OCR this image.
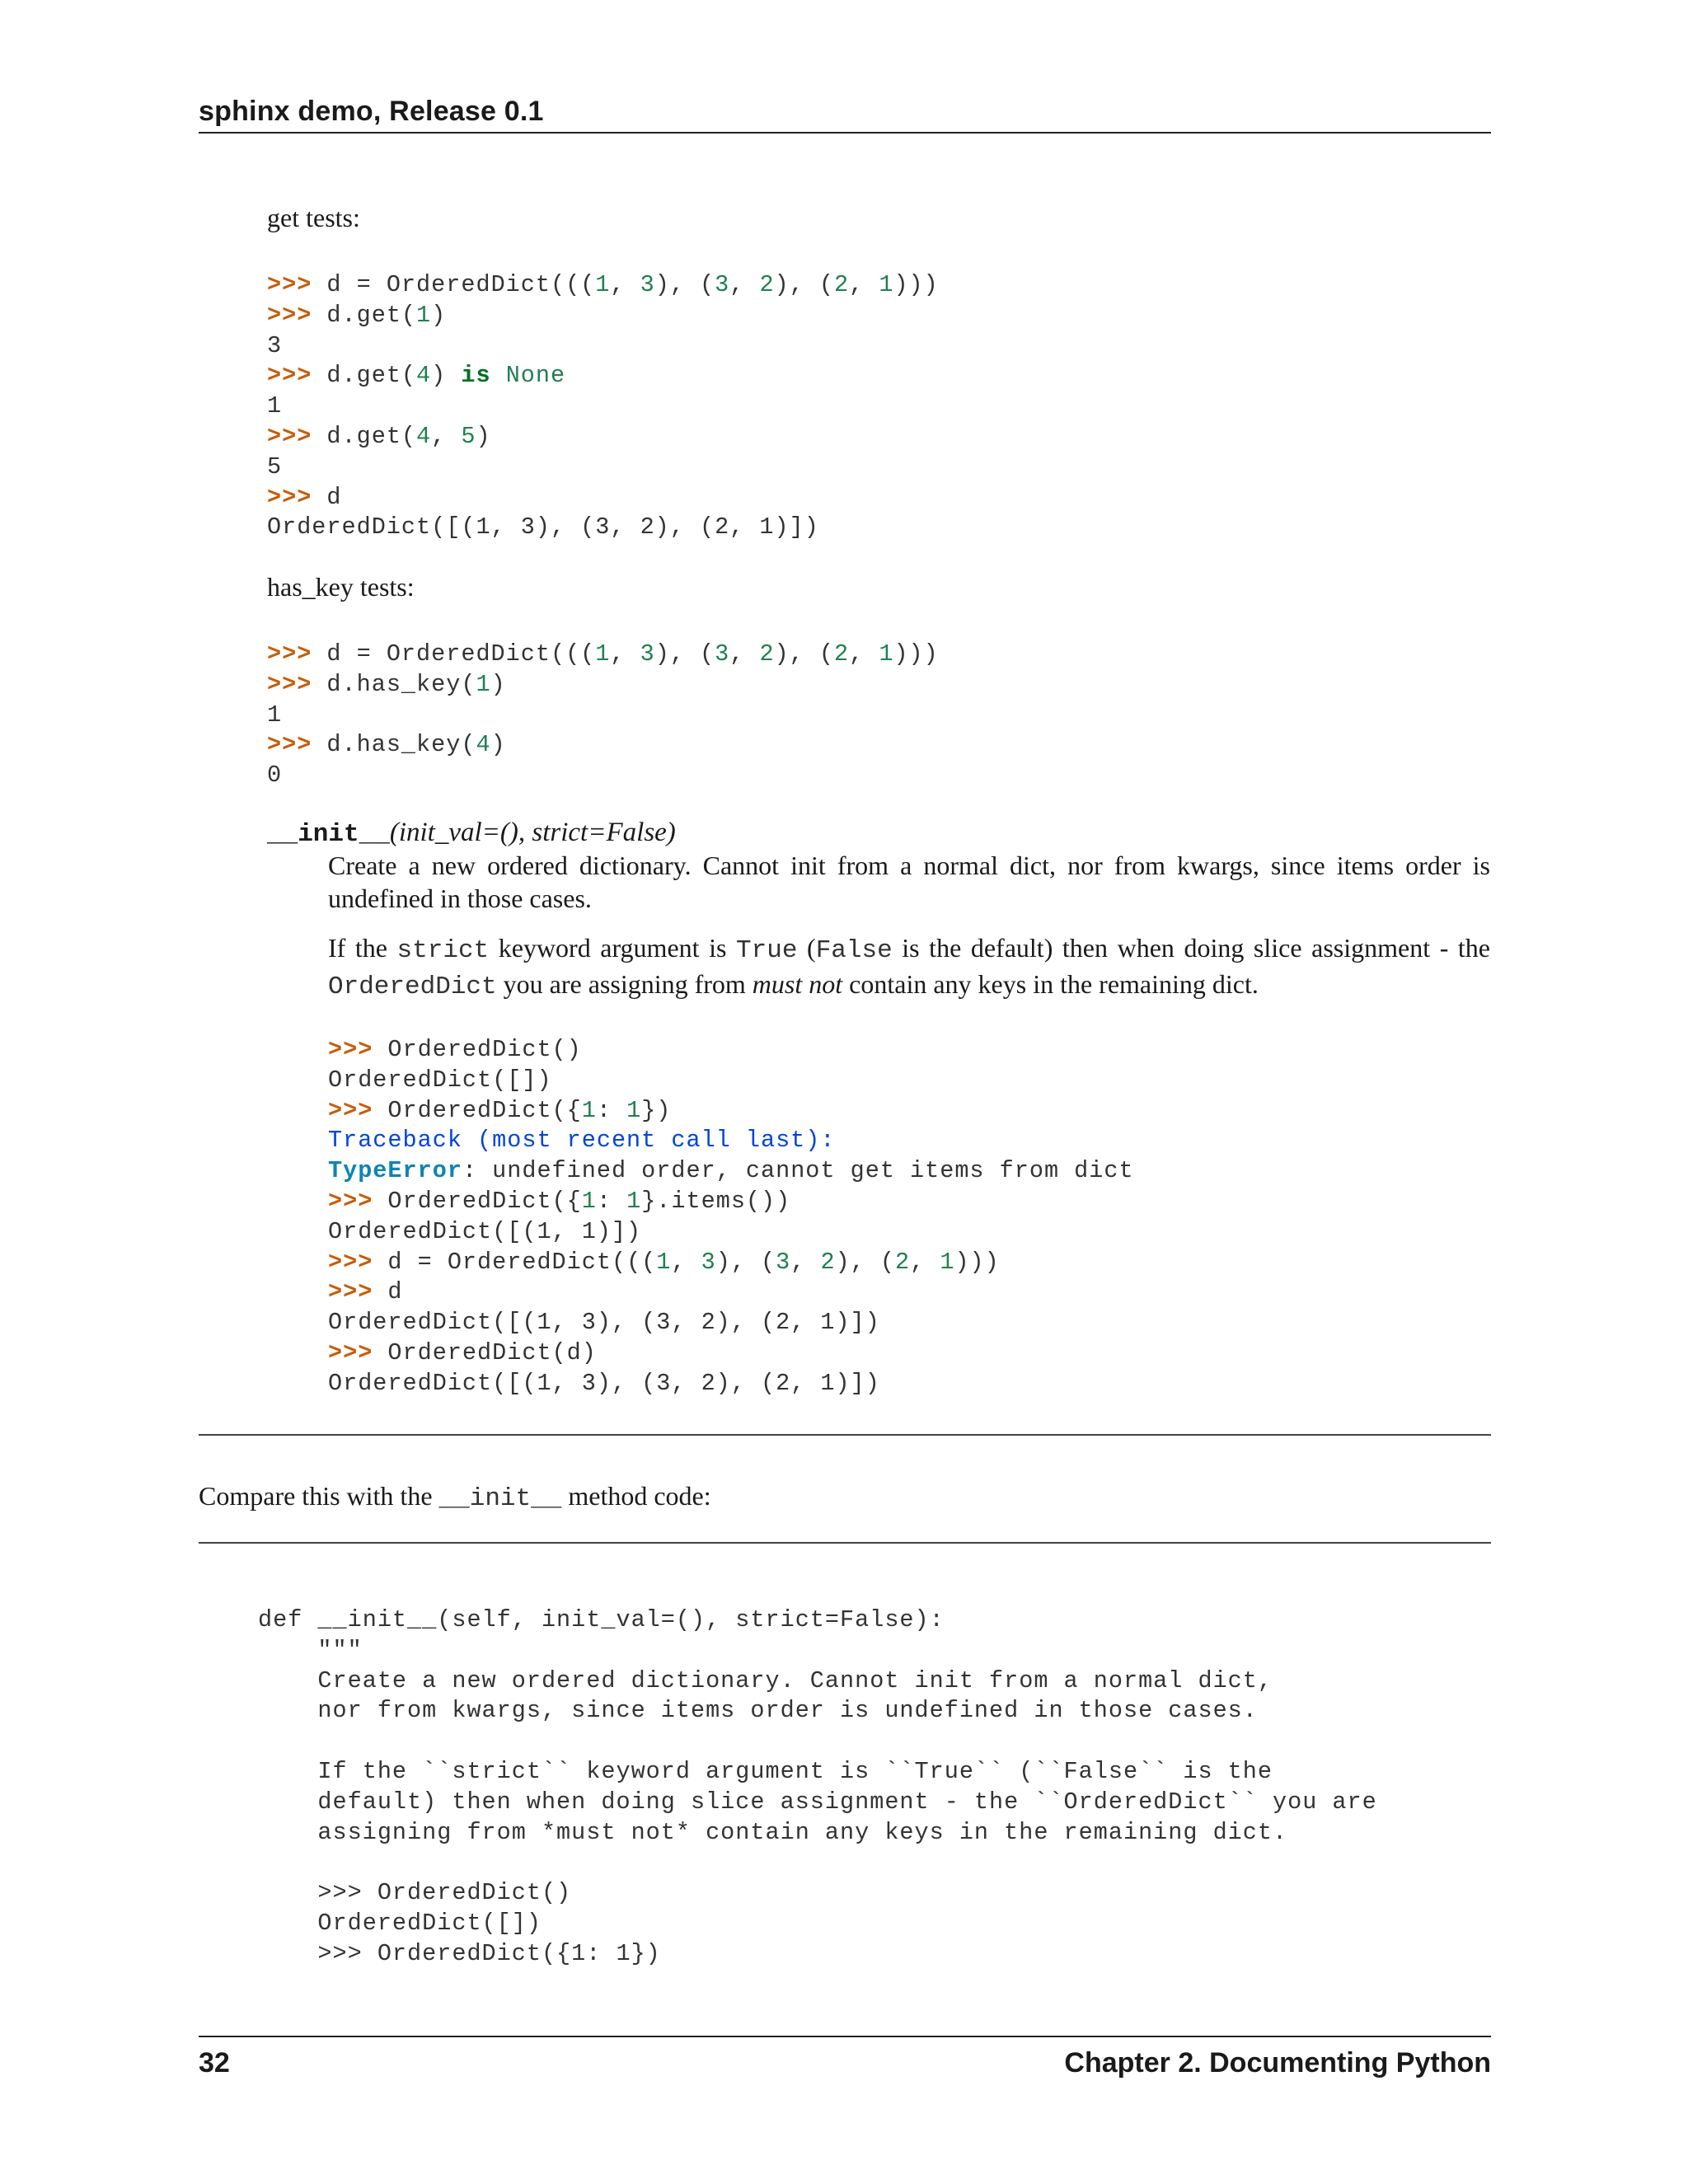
sphinx demo, Release 0.1
get tests:
>>> d = OrderedDict(((1, 3), (3, 2), (2, 1)))
>>> d.get(1)
3
>>> d.get(4) is None
1
>>> d.get(4, 5)
5
>>> d
OrderedDict([(1, 3), (3, 2), (2, 1)])
has_key tests:
>>> d = OrderedDict(((1, 3), (3, 2), (2, 1)))
>>> d.has_key(1)
1
>>> d.has_key(4)
0
__init__(init_val=(), strict=False)
Create a new ordered dictionary. Cannot init from a normal dict, nor from kwargs, since items order is undefined in those cases.
If the strict keyword argument is True (False is the default) then when doing slice assignment - the OrderedDict you are assigning from must not contain any keys in the remaining dict.
>>> OrderedDict()
OrderedDict([])
>>> OrderedDict({1: 1})
Traceback (most recent call last):
TypeError: undefined order, cannot get items from dict
>>> OrderedDict({1: 1}.items())
OrderedDict([(1, 1)])
>>> d = OrderedDict(((1, 3), (3, 2), (2, 1)))
>>> d
OrderedDict([(1, 3), (3, 2), (2, 1)])
>>> OrderedDict(d)
OrderedDict([(1, 3), (3, 2), (2, 1)])
Compare this with the __init__ method code:
def __init__(self, init_val=(), strict=False):
"""
Create a new ordered dictionary. Cannot init from a normal dict,
nor from kwargs, since items order is undefined in those cases.

If the ``strict`` keyword argument is ``True`` (``False`` is the
default) then when doing slice assignment - the ``OrderedDict`` you are
assigning from *must not* contain any keys in the remaining dict.

>>> OrderedDict()
OrderedDict([])
>>> OrderedDict({1: 1})
32	Chapter 2. Documenting Python
